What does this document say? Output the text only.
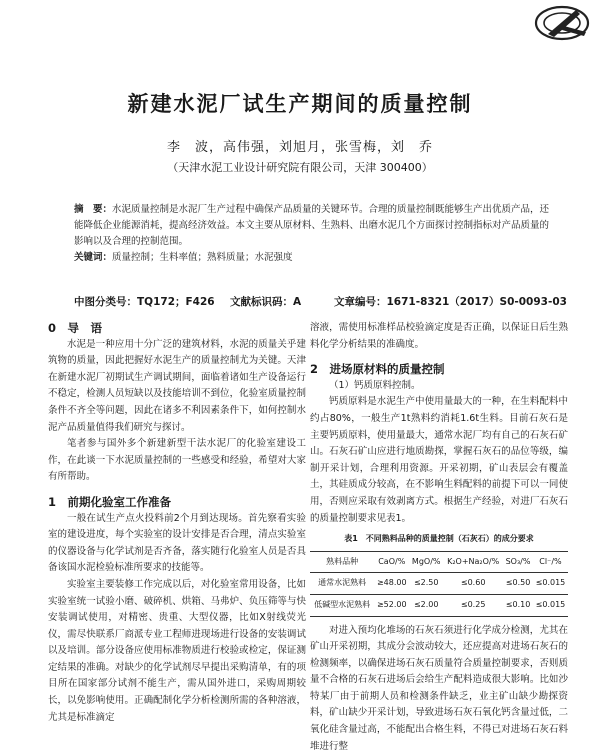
新建水泥厂试生产期间的质量控制
李　波，高伟强，刘旭月，张雪梅，刘　乔
（天津水泥工业设计研究院有限公司，天津 300400）

摘　要：水泥质量控制是水泥厂生产过程中确保产品质量的关键环节。合理的质量控制既能够生产出优质产品，还能降低企业能源消耗，提高经济效益。本文主要从原材料、生熟料、出磨水泥几个方面探讨控制指标对产品质量的影响以及合理的控制范围。

关键词：质量控制；生料率值；熟料质量；水泥强度

中图分类号：TQ172；F426 文献标识码：A	文章编号：1671-8321（2017）S0-0093-03

0　导　语

水泥是一种应用十分广泛的建筑材料，水泥的质量关乎建筑物的质量，因此把握好水泥生产的质量控制尤为关键。天津在新建水泥厂初期试生产调试期间，面临着诸如生产设备运行不稳定，检测人员短缺以及技能培训不到位，化验室质量控制条件不齐全等问题，因此在诸多不利因素条件下，如何控制水泥产品质量值得我们研究与探讨。

笔者参与国外多个新建新型干法水泥厂的化验室建设工作，在此谈一下水泥质量控制的一些感受和经验，希望对大家有所帮助。

1　前期化验室工作准备

一般在试生产点火投料前2个月到达现场。首先察看实验室的建设进度，每个实验室的设计安排是否合理，清点实验室的仪器设备与化学试剂是否齐备，落实随行化验室人员是否具备该国水泥检验标准所要求的技能等。

实验室主要装修工作完成以后，对化验室常用设备，比如实验室统一试验小磨、破碎机、烘箱、马弗炉、负压筛等与快安装调试使用，对精密、贵重、大型仪器，比如X射线荧光仪，需尽快联系厂商派专业工程师进现场进行设备的安装调试以及培训。部分设备应使用标准物质进行校验或检定，保证测定结果的准确。对缺少的化学试剂尽早提出采购清单，有的项目所在国家部分试剂不能生产，需从国外进口，采购周期较长，以免影响使用。正确配制化学分析检测所需的各种溶液，尤其是标准滴定

溶液，需使用标准样品校验滴定度是否正确，以保证日后生熟料化学分析结果的准确度。

2　进场原材料的质量控制

（1）钙质原料控制。

钙质原料是水泥生产中使用量最大的一种，在生料配料中约占80%，一般生产1t熟料约消耗1.6t生料。目前石灰石是主要钙质原料，使用量最大，通常水泥厂均有自己的石灰石矿山。石灰石矿山应进行地质勘探，掌握石灰石的品位等级，编制开采计划，合理利用资源。开采初期，矿山表层会有覆盖土，其硅质成分较高，在不影响生料配料的前提下可以一同使用，否则应采取有效剥离方式。根据生产经验，对进厂石灰石的质量控制要求见表1。

表1　不同熟料品种的质量控制（石灰石）的成分要求
熟料品种	CaO/%	MgO/%	K₂O+Na₂O/%	SO₃/%	Cl⁻/%
通常水泥熟料	≥48.00	≤2.50	≤0.60	≤0.50	≤0.015
低碱型水泥熟料	≥52.00	≤2.00	≤0.25	≤0.10	≤0.015

对进入预均化堆场的石灰石须进行化学成分检测，尤其在矿山开采初期，其成分会波动较大，还应提高对进场石灰石的检测频率，以确保进场石灰石质量符合质量控制要求，否则质量不合格的石灰石进场后会给生产配料造成很大影响。比如沙特某厂由于前期人员和检测条件缺乏，业主矿山缺少勘探资料，矿山缺少开采计划，导致进场石灰石氧化钙含量过低，二氧化硅含量过高，不能配出合格生料，不得已对进场石灰石料堆进行整
